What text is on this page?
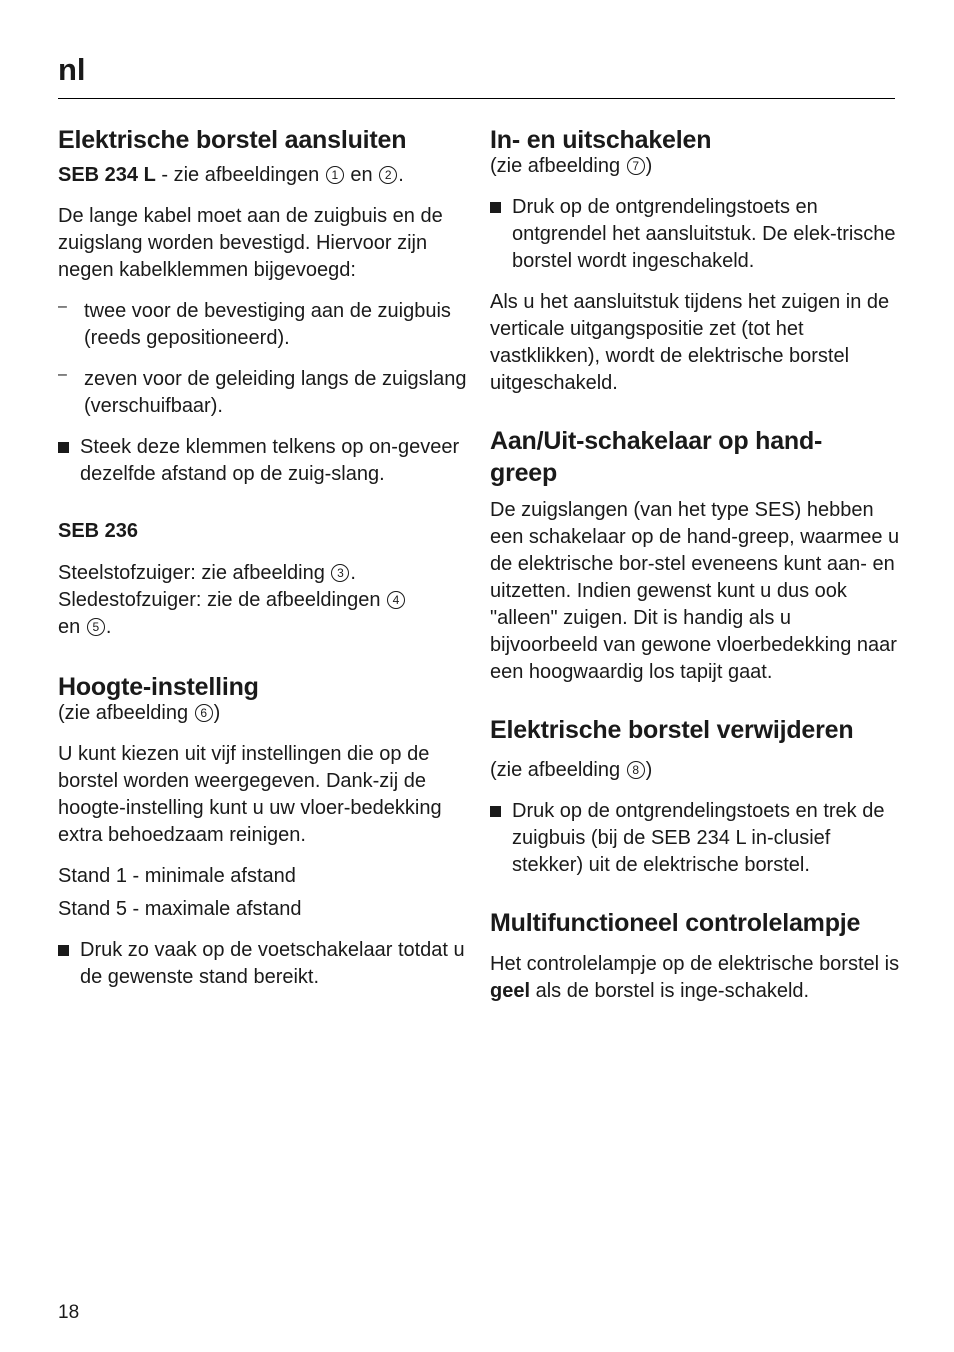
nl
Elektrische borstel aansluiten

SEB 234 L - zie afbeeldingen 1 en 2 .

De lange kabel moet aan de zuigbuis en de zuigslang worden bevestigd. Hiervoor zijn negen kabelklemmen bijgevoegd:

– twee voor de bevestiging aan de zuigbuis (reeds gepositioneerd).

– zeven voor de geleiding langs de zuigslang (verschuifbaar).

Steek deze klemmen telkens op on-geveer dezelfde afstand op de zuig-slang.

SEB 236

Steelstofzuiger: zie afbeelding 3 .

Sledestofzuiger: zie de afbeeldingen 4

en 5 .

Hoogte-instelling

(zie afbeelding 6 )

U kunt kiezen uit vijf instellingen die op de borstel worden weergegeven. Dank-zij de hoogte-instelling kunt u uw vloer-bedekking extra behoedzaam reinigen.

Stand 1 - minimale afstand

Stand 5 - maximale afstand

Druk zo vaak op de voetschakelaar totdat u de gewenste stand bereikt.

In- en uitschakelen

(zie afbeelding 7 )

Druk op de ontgrendelingstoets en ontgrendel het aansluitstuk. De elek-trische borstel wordt ingeschakeld.

Als u het aansluitstuk tijdens het zuigen in de verticale uitgangspositie zet (tot het vastklikken), wordt de elektrische borstel uitgeschakeld.

Aan/Uit-schakelaar op hand-
greep

De zuigslangen (van het type SES) hebben een schakelaar op de hand-greep, waarmee u de elektrische bor-stel eveneens kunt aan- en uitzetten. Indien gewenst kunt u dus ook "alleen" zuigen. Dit is handig als u bijvoorbeeld van gewone vloerbedekking naar een hoogwaardig los tapijt gaat.

Elektrische borstel verwijderen

(zie afbeelding 8 )

Druk op de ontgrendelingstoets en trek de zuigbuis (bij de SEB 234 L in-clusief stekker) uit de elektrische borstel.

Multifunctioneel controlelampje

Het controlelampje op de elektrische borstel is geel als de borstel is inge-schakeld.

18
